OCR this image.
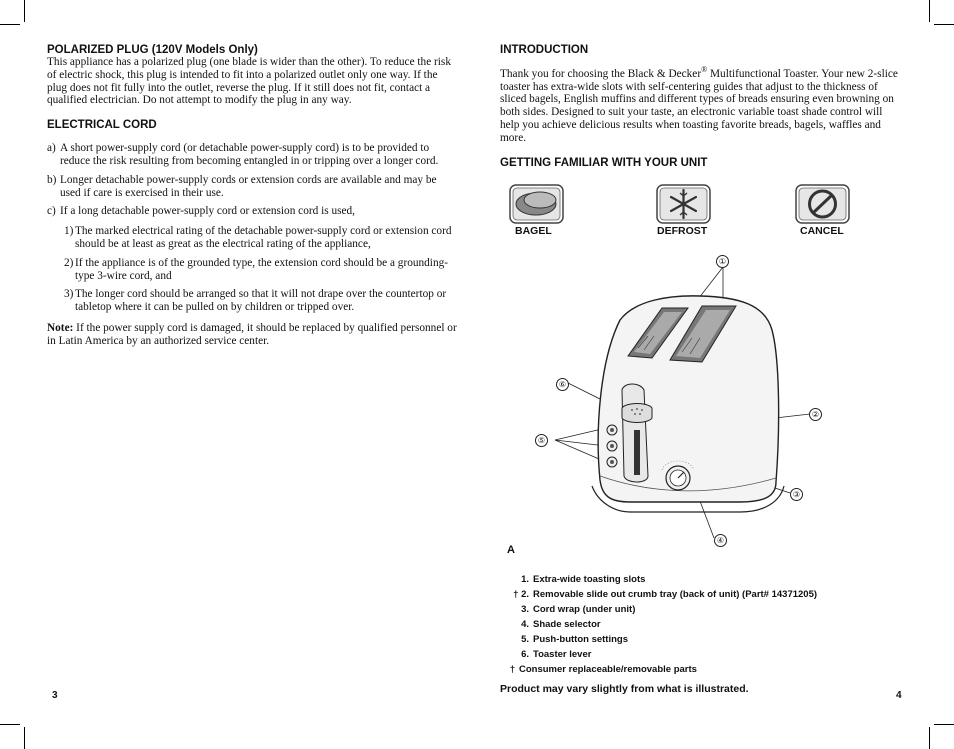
POLARIZED PLUG (120V Models Only)

This appliance has a polarized plug (one blade is wider than the other). To reduce the risk of electric shock, this plug is intended to fit into a polarized outlet only one way. If the plug does not fit fully into the outlet, reverse the plug. If it still does not fit, contact a qualified electrician. Do not attempt to modify the plug in any way.

ELECTRICAL CORD

a) A short power-supply cord (or detachable power-supply cord) is to be provided to reduce the risk resulting from becoming entangled in or tripping over a longer cord.
b) Longer detachable power-supply cords or extension cords are available and may be used if care is exercised in their use.
c) If a long detachable power-supply cord or extension cord is used,
1) The marked electrical rating of the detachable power-supply cord or extension cord should be at least as great as the electrical rating of the appliance,
2) If the appliance is of the grounded type, the extension cord should be a grounding-type 3-wire cord, and
3) The longer cord should be arranged so that it will not drape over the countertop or tabletop where it can be pulled on by children or tripped over.

Note: If the power supply cord is damaged, it should be replaced by qualified personnel or in Latin America by an authorized service center.

3

INTRODUCTION

Thank you for choosing the Black & Decker® Multifunctional Toaster. Your new 2-slice toaster has extra-wide slots with self-centering guides that adjust to the thickness of sliced bagels, English muffins and different types of breads ensuring even browning on both sides. Designed to suit your taste, an electronic variable toast shade control will help you achieve delicious results when toasting favorite breads, bagels, waffles and more.

GETTING FAMILIAR WITH YOUR UNIT

BAGEL	DEFROST	CANCEL
①
②
③
④
⑤
⑥
A
1. Extra-wide toasting slots
† 2. Removable slide out crumb tray (back of unit) (Part# 14371205)
3. Cord wrap (under unit)
4. Shade selector
5. Push-button settings
6. Toaster lever
† Consumer replaceable/removable parts
Product may vary slightly from what is illustrated.
4
